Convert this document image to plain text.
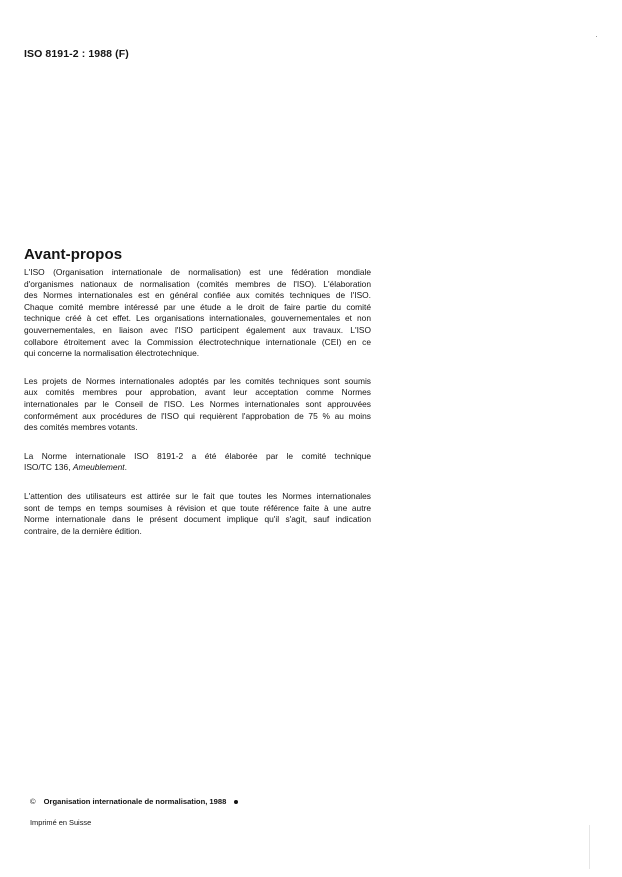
ISO 8191-2 : 1988 (F)
Avant-propos

L'ISO (Organisation internationale de normalisation) est une fédération mondiale
d'organismes nationaux de normalisation (comités membres de l'ISO). L'élaboration
des Normes internationales est en général confiée aux comités techniques de l'ISO.
Chaque comité membre intéressé par une étude a le droit de faire partie du comité
technique créé à cet effet. Les organisations internationales, gouvernementales et non
gouvernementales, en liaison avec l'ISO participent également aux travaux. L'ISO
collabore étroitement avec la Commission électrotechnique internationale (CEI) en ce
qui concerne la normalisation électrotechnique.

Les projets de Normes internationales adoptés par les comités techniques sont soumis
aux comités membres pour approbation, avant leur acceptation comme Normes
internationales par le Conseil de l'ISO. Les Normes internationales sont approuvées
conformément aux procédures de l'ISO qui requièrent l'approbation de 75 % au moins
des comités membres votants.

La Norme internationale ISO 8191-2 a été élaborée par le comité technique
ISO/TC 136, Ameublement.

L'attention des utilisateurs est attirée sur le fait que toutes les Normes internationales
sont de temps en temps soumises à révision et que toute référence faite à une autre
Norme internationale dans le présent document implique qu'il s'agit, sauf indication
contraire, de la dernière édition.

© Organisation internationale de normalisation, 1988
Imprimé en Suisse
